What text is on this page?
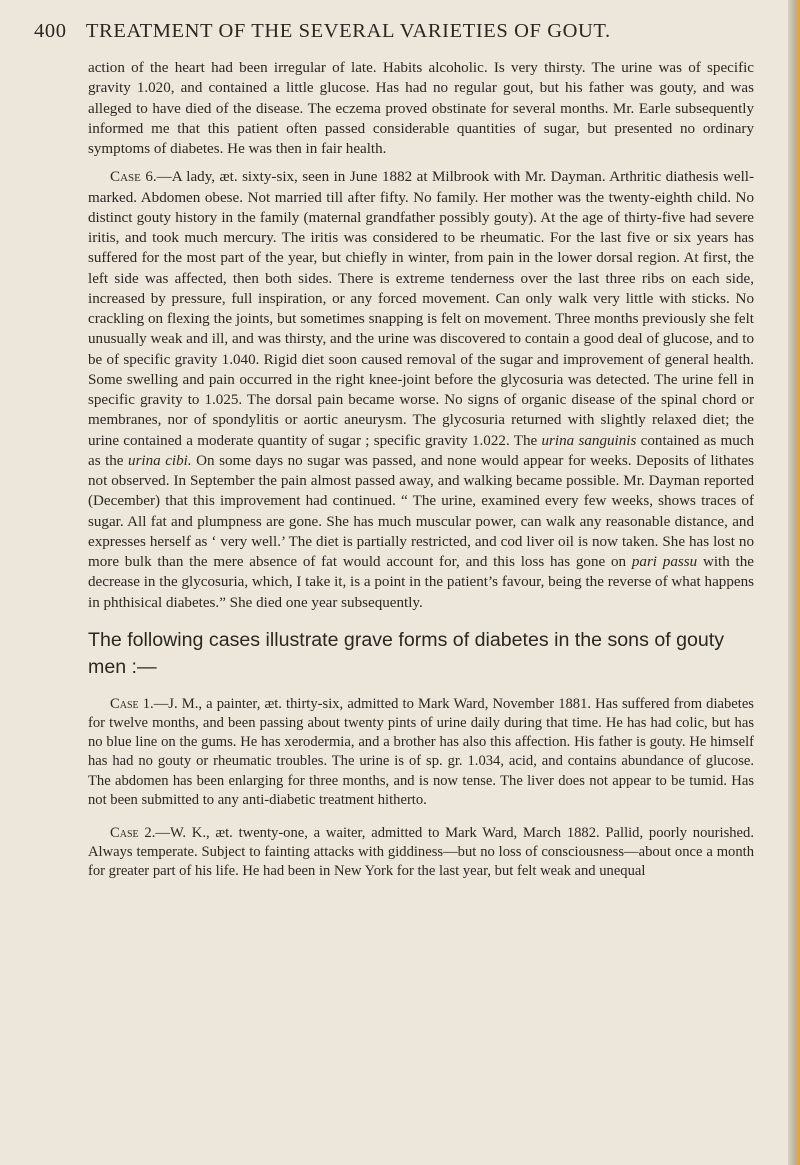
400 TREATMENT OF THE SEVERAL VARIETIES OF GOUT.

action of the heart had been irregular of late. Habits alcoholic. Is very thirsty. The urine was of specific gravity 1.020, and contained a little glucose. Has had no regular gout, but his father was gouty, and was alleged to have died of the disease. The eczema proved obstinate for several months. Mr. Earle subsequently informed me that this patient often passed considerable quantities of sugar, but presented no ordinary symptoms of diabetes. He was then in fair health.

Case 6.—A lady, æt. sixty-six, seen in June 1882 at Milbrook with Mr. Dayman. Arthritic diathesis well-marked. Abdomen obese. Not married till after fifty. No family. Her mother was the twenty-eighth child. No distinct gouty history in the family (maternal grandfather possibly gouty). At the age of thirty-five had severe iritis, and took much mercury. The iritis was considered to be rheumatic. For the last five or six years has suffered for the most part of the year, but chiefly in winter, from pain in the lower dorsal region. At first, the left side was affected, then both sides. There is extreme tenderness over the last three ribs on each side, increased by pressure, full inspiration, or any forced movement. Can only walk very little with sticks. No crackling on flexing the joints, but sometimes snapping is felt on movement. Three months previously she felt unusually weak and ill, and was thirsty, and the urine was discovered to contain a good deal of glucose, and to be of specific gravity 1.040. Rigid diet soon caused removal of the sugar and improvement of general health. Some swelling and pain occurred in the right knee-joint before the glycosuria was detected. The urine fell in specific gravity to 1.025. The dorsal pain became worse. No signs of organic disease of the spinal chord or membranes, nor of spondylitis or aortic aneurysm. The glycosuria returned with slightly relaxed diet; the urine contained a moderate quantity of sugar ; specific gravity 1.022. The urina sanguinis contained as much as the urina cibi. On some days no sugar was passed, and none would appear for weeks. Deposits of lithates not observed. In September the pain almost passed away, and walking became possible. Mr. Dayman reported (December) that this improvement had continued. “ The urine, examined every few weeks, shows traces of sugar. All fat and plumpness are gone. She has much muscular power, can walk any reasonable distance, and expresses herself as ‘ very well.’ The diet is partially restricted, and cod liver oil is now taken. She has lost no more bulk than the mere absence of fat would account for, and this loss has gone on pari passu with the decrease in the glycosuria, which, I take it, is a point in the patient’s favour, being the reverse of what happens in phthisical diabetes.” She died one year subsequently.

The following cases illustrate grave forms of diabetes in the sons of gouty men :—

Case 1.—J. M., a painter, æt. thirty-six, admitted to Mark Ward, November 1881. Has suffered from diabetes for twelve months, and been passing about twenty pints of urine daily during that time. He has had colic, but has no blue line on the gums. He has xerodermia, and a brother has also this affection. His father is gouty. He himself has had no gouty or rheumatic troubles. The urine is of sp. gr. 1.034, acid, and contains abundance of glucose. The abdomen has been enlarging for three months, and is now tense. The liver does not appear to be tumid. Has not been submitted to any anti-diabetic treatment hitherto.

Case 2.—W. K., æt. twenty-one, a waiter, admitted to Mark Ward, March 1882. Pallid, poorly nourished. Always temperate. Subject to fainting attacks with giddiness—but no loss of consciousness—about once a month for greater part of his life. He had been in New York for the last year, but felt weak and unequal
